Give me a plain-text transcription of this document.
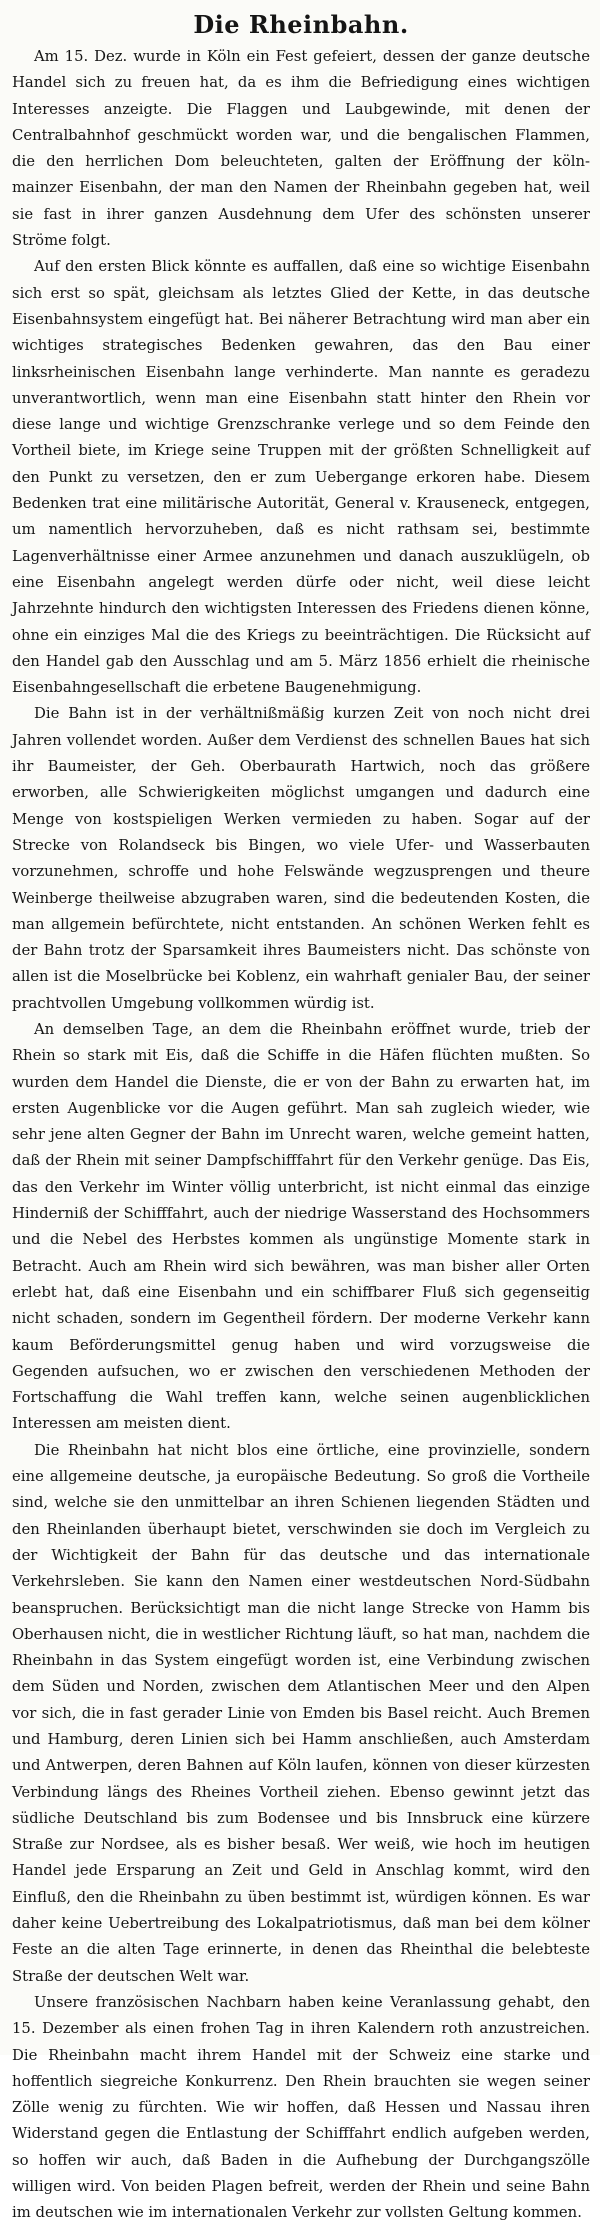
Die Rheinbahn.

Am 15. Dez. wurde in Köln ein Fest gefeiert, dessen der ganze deutsche Handel sich zu freuen hat, da es ihm die Befriedigung eines wichtigen Interesses anzeigte. Die Flaggen und Laubgewinde, mit denen der Centralbahnhof geschmückt worden war, und die bengalischen Flammen, die den herrlichen Dom beleuchteten, galten der Eröffnung der köln-mainzer Eisenbahn, der man den Namen der Rheinbahn gegeben hat, weil sie fast in ihrer ganzen Ausdehnung dem Ufer des schönsten unserer Ströme folgt.

Auf den ersten Blick könnte es auffallen, daß eine so wichtige Eisenbahn sich erst so spät, gleichsam als letztes Glied der Kette, in das deutsche Eisenbahnsystem eingefügt hat. Bei näherer Betrachtung wird man aber ein wichtiges strategisches Bedenken gewahren, das den Bau einer linksrheinischen Eisenbahn lange verhinderte. Man nannte es geradezu unverantwortlich, wenn man eine Eisenbahn statt hinter den Rhein vor diese lange und wichtige Grenzschranke verlege und so dem Feinde den Vortheil biete, im Kriege seine Truppen mit der größten Schnelligkeit auf den Punkt zu versetzen, den er zum Uebergange erkoren habe. Diesem Bedenken trat eine militärische Autorität, General v. Krauseneck, entgegen, um namentlich hervorzuheben, daß es nicht rathsam sei, bestimmte Lagenverhältnisse einer Armee anzunehmen und danach auszuklügeln, ob eine Eisenbahn angelegt werden dürfe oder nicht, weil diese leicht Jahrzehnte hindurch den wichtigsten Interessen des Friedens dienen könne, ohne ein einziges Mal die des Kriegs zu beeinträchtigen. Die Rücksicht auf den Handel gab den Ausschlag und am 5. März 1856 erhielt die rheinische Eisenbahngesellschaft die erbetene Baugenehmigung.

Die Bahn ist in der verhältnißmäßig kurzen Zeit von noch nicht drei Jahren vollendet worden. Außer dem Verdienst des schnellen Baues hat sich ihr Baumeister, der Geh. Oberbaurath Hartwich, noch das größere erworben, alle Schwierigkeiten möglichst umgangen und dadurch eine Menge von kostspieligen Werken vermieden zu haben. Sogar auf der Strecke von Rolandseck bis Bingen, wo viele Ufer- und Wasserbauten vorzunehmen, schroffe und hohe Felswände wegzusprengen und theure Weinberge theilweise abzugraben waren, sind die bedeutenden Kosten, die man allgemein befürchtete, nicht entstanden. An schönen Werken fehlt es der Bahn trotz der Sparsamkeit ihres Baumeisters nicht. Das schönste von allen ist die Moselbrücke bei Koblenz, ein wahrhaft genialer Bau, der seiner prachtvollen Umgebung vollkommen würdig ist.

An demselben Tage, an dem die Rheinbahn eröffnet wurde, trieb der Rhein so stark mit Eis, daß die Schiffe in die Häfen flüchten mußten. So wurden dem Handel die Dienste, die er von der Bahn zu erwarten hat, im ersten Augenblicke vor die Augen geführt. Man sah zugleich wieder, wie sehr jene alten Gegner der Bahn im Unrecht waren, welche gemeint hatten, daß der Rhein mit seiner Dampfschifffahrt für den Verkehr genüge. Das Eis, das den Verkehr im Winter völlig unterbricht, ist nicht einmal das einzige Hinderniß der Schifffahrt, auch der niedrige Wasserstand des Hochsommers und die Nebel des Herbstes kommen als ungünstige Momente stark in Betracht. Auch am Rhein wird sich bewähren, was man bisher aller Orten erlebt hat, daß eine Eisenbahn und ein schiffbarer Fluß sich gegenseitig nicht schaden, sondern im Gegentheil fördern. Der moderne Verkehr kann kaum Beförderungsmittel genug haben und wird vorzugsweise die Gegenden aufsuchen, wo er zwischen den verschiedenen Methoden der Fortschaffung die Wahl treffen kann, welche seinen augenblicklichen Interessen am meisten dient.

Die Rheinbahn hat nicht blos eine örtliche, eine provinzielle, sondern eine allgemeine deutsche, ja europäische Bedeutung. So groß die Vortheile sind, welche sie den unmittelbar an ihren Schienen liegenden Städten und den Rheinlanden überhaupt bietet, verschwinden sie doch im Vergleich zu der Wichtigkeit der Bahn für das deutsche und das internationale Verkehrsleben. Sie kann den Namen einer westdeutschen Nord-Südbahn beanspruchen. Berücksichtigt man die nicht lange Strecke von Hamm bis Oberhausen nicht, die in westlicher Richtung läuft, so hat man, nachdem die Rheinbahn in das System eingefügt worden ist, eine Verbindung zwischen dem Süden und Norden, zwischen dem Atlantischen Meer und den Alpen vor sich, die in fast gerader Linie von Emden bis Basel reicht. Auch Bremen und Hamburg, deren Linien sich bei Hamm anschließen, auch Amsterdam und Antwerpen, deren Bahnen auf Köln laufen, können von dieser kürzesten Verbindung längs des Rheines Vortheil ziehen. Ebenso gewinnt jetzt das südliche Deutschland bis zum Bodensee und bis Innsbruck eine kürzere Straße zur Nordsee, als es bisher besaß. Wer weiß, wie hoch im heutigen Handel jede Ersparung an Zeit und Geld in Anschlag kommt, wird den Einfluß, den die Rheinbahn zu üben bestimmt ist, würdigen können. Es war daher keine Uebertreibung des Lokalpatriotismus, daß man bei dem kölner Feste an die alten Tage erinnerte, in denen das Rheinthal die belebteste Straße der deutschen Welt war.

Unsere französischen Nachbarn haben keine Veranlassung gehabt, den 15. Dezember als einen frohen Tag in ihren Kalendern roth anzustreichen. Die Rheinbahn macht ihrem Handel mit der Schweiz eine starke und hoffentlich siegreiche Konkurrenz. Den Rhein brauchten sie wegen seiner Zölle wenig zu fürchten. Wie wir hoffen, daß Hessen und Nassau ihren Widerstand gegen die Entlastung der Schifffahrt endlich aufgeben werden, so hoffen wir auch, daß Baden in die Aufhebung der Durchgangszölle willigen wird. Von beiden Plagen befreit, werden der Rhein und seine Bahn im deutschen wie im internationalen Verkehr zur vollsten Geltung kommen.
